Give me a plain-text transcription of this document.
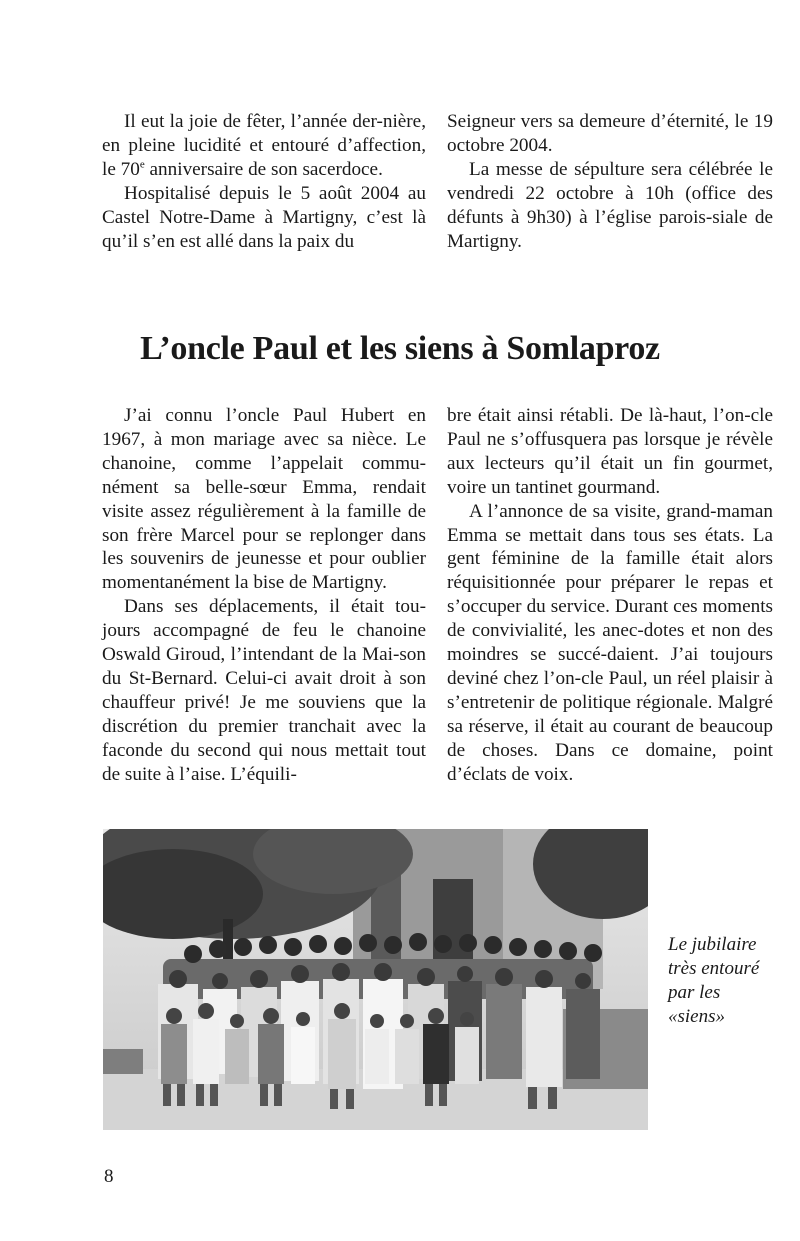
Il eut la joie de fêter, l’année der-nière, en pleine lucidité et entouré d’affection, le 70e anniversaire de son sacerdoce.

Hospitalisé depuis le 5 août 2004 au Castel Notre-Dame à Martigny, c’est là qu’il s’en est allé dans la paix du

Seigneur vers sa demeure d’éternité, le 19 octobre 2004.

La messe de sépulture sera célébrée le vendredi 22 octobre à 10h (office des défunts à 9h30) à l’église parois-siale de Martigny.

L’oncle Paul et les siens à Somlaproz

J’ai connu l’oncle Paul Hubert en 1967, à mon mariage avec sa nièce. Le chanoine, comme l’appelait commu-nément sa belle-sœur Emma, rendait visite assez régulièrement à la famille de son frère Marcel pour se replonger dans les souvenirs de jeunesse et pour oublier momentanément la bise de Martigny.

Dans ses déplacements, il était tou-jours accompagné de feu le chanoine Oswald Giroud, l’intendant de la Mai-son du St-Bernard. Celui-ci avait droit à son chauffeur privé! Je me souviens que la discrétion du premier tranchait avec la faconde du second qui nous mettait tout de suite à l’aise. L’équili-

bre était ainsi rétabli. De là-haut, l’on-cle Paul ne s’offusquera pas lorsque je révèle aux lecteurs qu’il était un fin gourmet, voire un tantinet gourmand.

A l’annonce de sa visite, grand-maman Emma se mettait dans tous ses états. La gent féminine de la famille était alors réquisitionnée pour préparer le repas et s’occuper du service. Durant ces moments de convivialité, les anec-dotes et non des moindres se succé-daient. J’ai toujours deviné chez l’on-cle Paul, un réel plaisir à s’entretenir de politique régionale. Malgré sa réserve, il était au courant de beaucoup de choses. Dans ce domaine, point d’éclats de voix.

Le jubilaire
très entouré
par les
«siens»
8
